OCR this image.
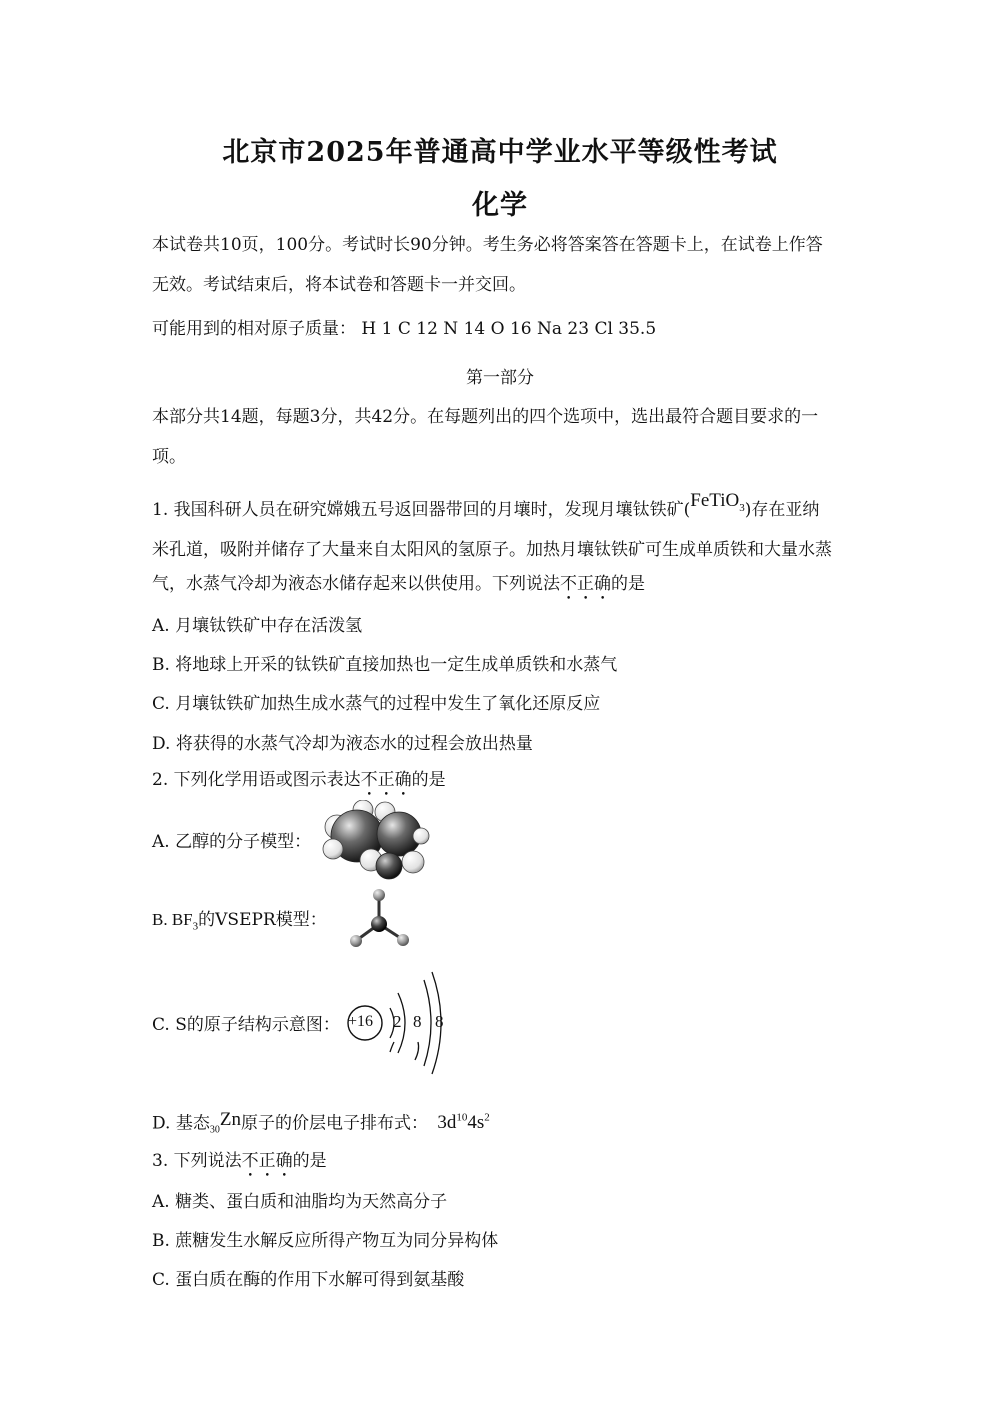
北京市2025年普通高中学业水平等级性考试
化学
本试卷共10页，100分。考试时长90分钟。考生务必将答案答在答题卡上，在试卷上作答
无效。考试结束后，将本试卷和答题卡一并交回。
可能用到的相对原子质量： H 1 C 12 N 14 O 16 Na 23 Cl 35.5
第一部分
本部分共14题，每题3分，共42分。在每题列出的四个选项中，选出最符合题目要求的一
项。
1. 我国科研人员在研究嫦娥五号返回器带回的月壤时，发现月壤钛铁矿(FeTiO$_3$)存在亚纳
米孔道，吸附并储存了大量来自太阳风的氢原子。加热月壤钛铁矿可生成单质铁和大量水蒸
气，水蒸气冷却为液态水储存起来以供使用。下列说法不正确的是
A. 月壤钛铁矿中存在活泼氢
B. 将地球上开采的钛铁矿直接加热也一定生成单质铁和水蒸气
C. 月壤钛铁矿加热生成水蒸气的过程中发生了氧化还原反应
D. 将获得的水蒸气冷却为液态水的过程会放出热量
2. 下列化学用语或图示表达不正确的是
A. 乙醇的分子模型：
B. $BF_3$的VSEPR模型：
C. S的原子结构示意图： +16 2 8 8
D. 基态$_{30}$Zn原子的价层电子排布式： $3d^{10}4s^2$
3. 下列说法不正确的是
A. 糖类、蛋白质和油脂均为天然高分子
B. 蔗糖发生水解反应所得产物互为同分异构体
C. 蛋白质在酶的作用下水解可得到氨基酸
